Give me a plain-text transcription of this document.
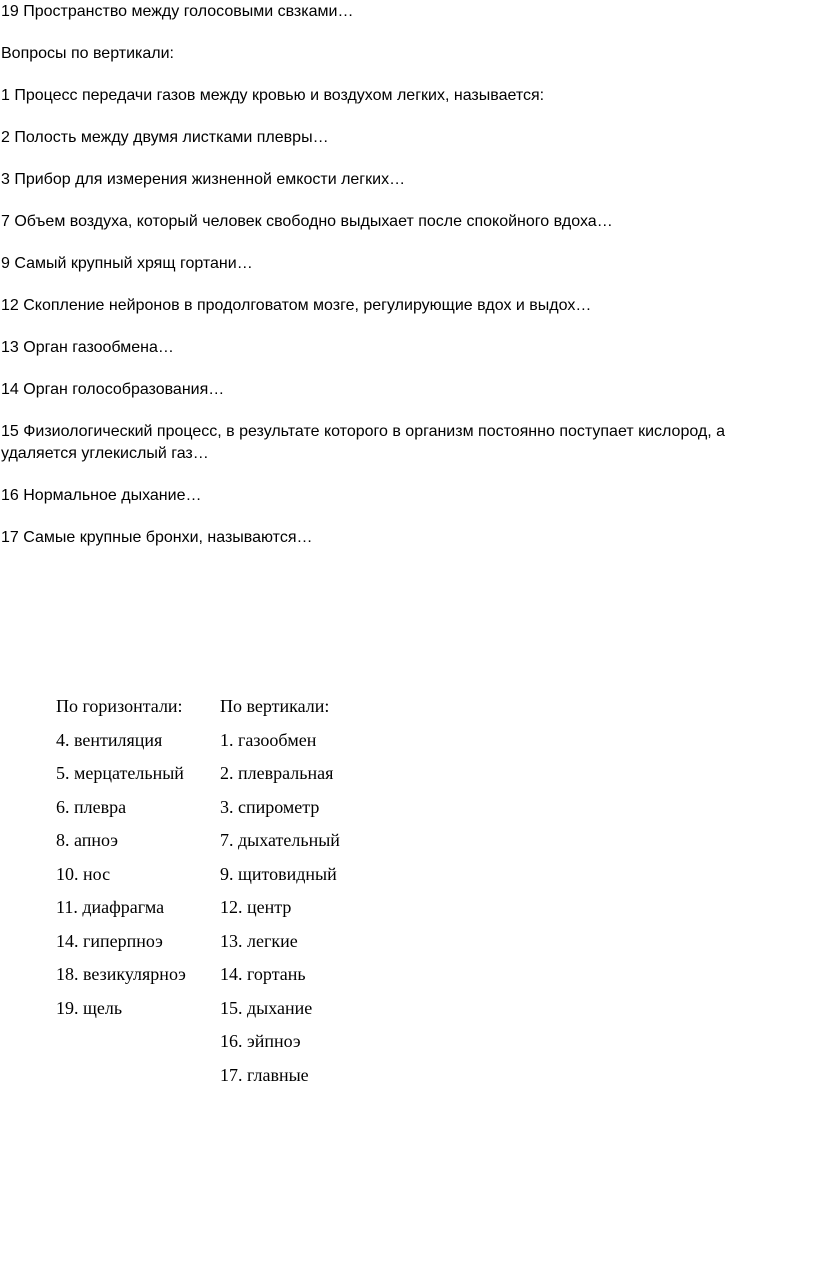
19 Пространство между голосовыми свзками…

Вопросы по вертикали:

1 Процесс передачи газов между кровью и воздухом легких, называется:

2 Полость между двумя листками плевры…

3 Прибор для измерения жизненной емкости легких…

7 Объем воздуха, который человек свободно выдыхает после спокойного вдоха…

9 Самый крупный хрящ гортани…

12 Скопление нейронов в продолговатом мозге, регулирующие вдох и выдох…

13 Орган газообмена…

14 Орган голособразования…

15 Физиологический процесс, в результате которого в организм постоянно поступает кислород, а удаляется углекислый газ…

16 Нормальное дыхание…

17 Самые крупные бронхи, называются…

По горизонтали:
4. вентиляция
5. мерцательный
6. плевра
8. апноэ
10. нос
11. диафрагма
14. гиперпноэ
18. везикулярноэ
19. щель
По вертикали:
1. газообмен
2. плевральная
3. спирометр
7. дыхательный
9. щитовидный
12. центр
13. легкие
14. гортань
15. дыхание
16. эйпноэ
17. главные
